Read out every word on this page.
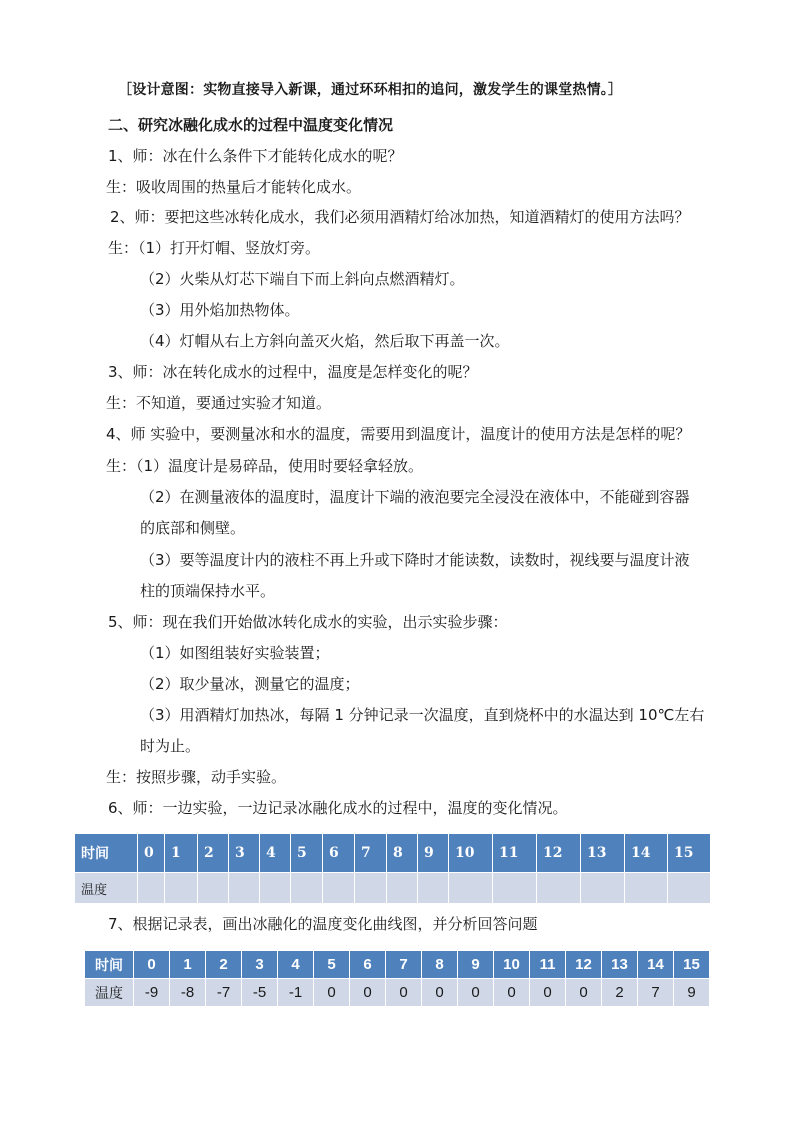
［设计意图：实物直接导入新课，通过环环相扣的追问，激发学生的课堂热情。］
二、研究冰融化成水的过程中温度变化情况
1、师：冰在什么条件下才能转化成水的呢？
生：吸收周围的热量后才能转化成水。
2、师：要把这些冰转化成水，我们必须用酒精灯给冰加热，知道酒精灯的使用方法吗？
生：（1）打开灯帽、竖放灯旁。
（2）火柴从灯芯下端自下而上斜向点燃酒精灯。
（3）用外焰加热物体。
（4）灯帽从右上方斜向盖灭火焰，然后取下再盖一次。
3、师：冰在转化成水的过程中，温度是怎样变化的呢？
生：不知道，要通过实验才知道。
4、师 实验中，要测量冰和水的温度，需要用到温度计，温度计的使用方法是怎样的呢？
生：（1）温度计是易碎品，使用时要轻拿轻放。
（2）在测量液体的温度时，温度计下端的液泡要完全浸没在液体中，不能碰到容器
的底部和侧壁。
（3）要等温度计内的液柱不再上升或下降时才能读数，读数时，视线要与温度计液
柱的顶端保持水平。
5、师：现在我们开始做冰转化成水的实验，出示实验步骤：
（1）如图组装好实验装置；
（2）取少量冰，测量它的温度；
（3）用酒精灯加热冰，每隔 1 分钟记录一次温度，直到烧杯中的水温达到 10℃左右
时为止。
生：按照步骤，动手实验。
6、师：一边实验，一边记录冰融化成水的过程中，温度的变化情况。
时间	0	1	2	3	4	5	6	7	8	9	10	11	12	13	14	15
温度																
7、根据记录表，画出冰融化的温度变化曲线图，并分析回答问题
时间	0	1	2	3	4	5	6	7	8	9	10	11	12	13	14	15
温度	-9	-8	-7	-5	-1	0	0	0	0	0	0	0	0	2	7	9
